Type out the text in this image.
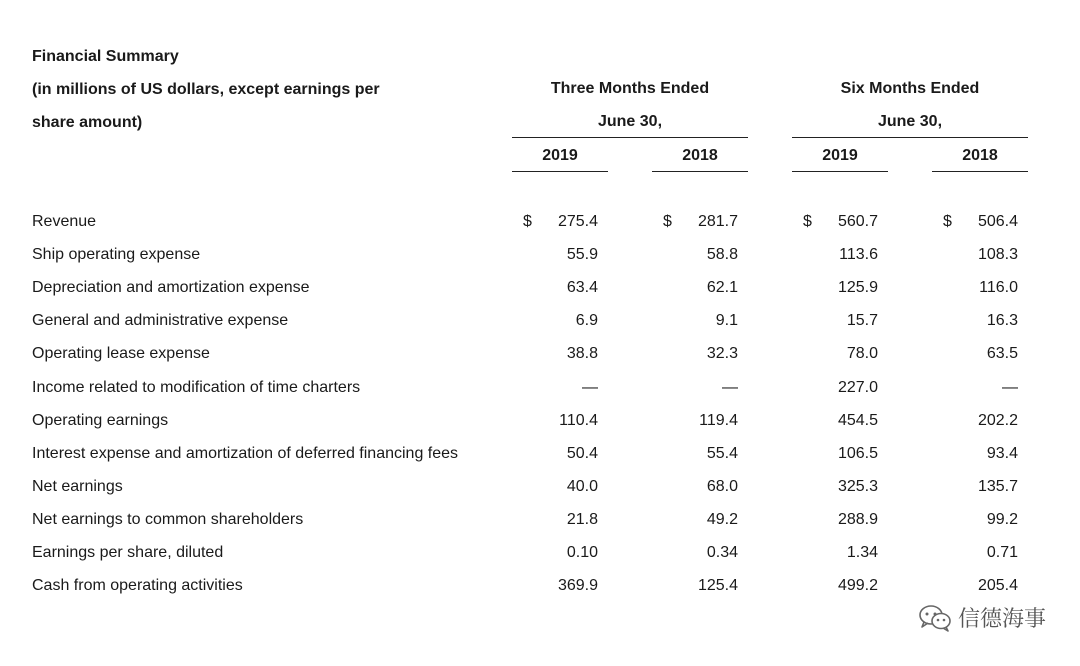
Financial Summary
(in millions of US dollars, except earnings per
share amount)
Three Months Ended
June 30,
Six Months Ended
June 30,
2019	2018	2019	2018
$	$	$	$
Revenue	275.4	281.7	560.7	506.4
Ship operating expense	55.9	58.8	113.6	108.3
Depreciation and amortization expense	63.4	62.1	125.9	116.0
General and administrative expense	6.9	9.1	15.7	16.3
Operating lease expense	38.8	32.3	78.0	63.5
Income related to modification of time charters	—	—	227.0	—
Operating earnings	110.4	119.4	454.5	202.2
Interest expense and amortization of deferred financing fees	50.4	55.4	106.5	93.4
Net earnings	40.0	68.0	325.3	135.7
Net earnings to common shareholders	21.8	49.2	288.9	99.2
Earnings per share, diluted	0.10	0.34	1.34	0.71
Cash from operating activities	369.9	125.4	499.2	205.4
信德海事
